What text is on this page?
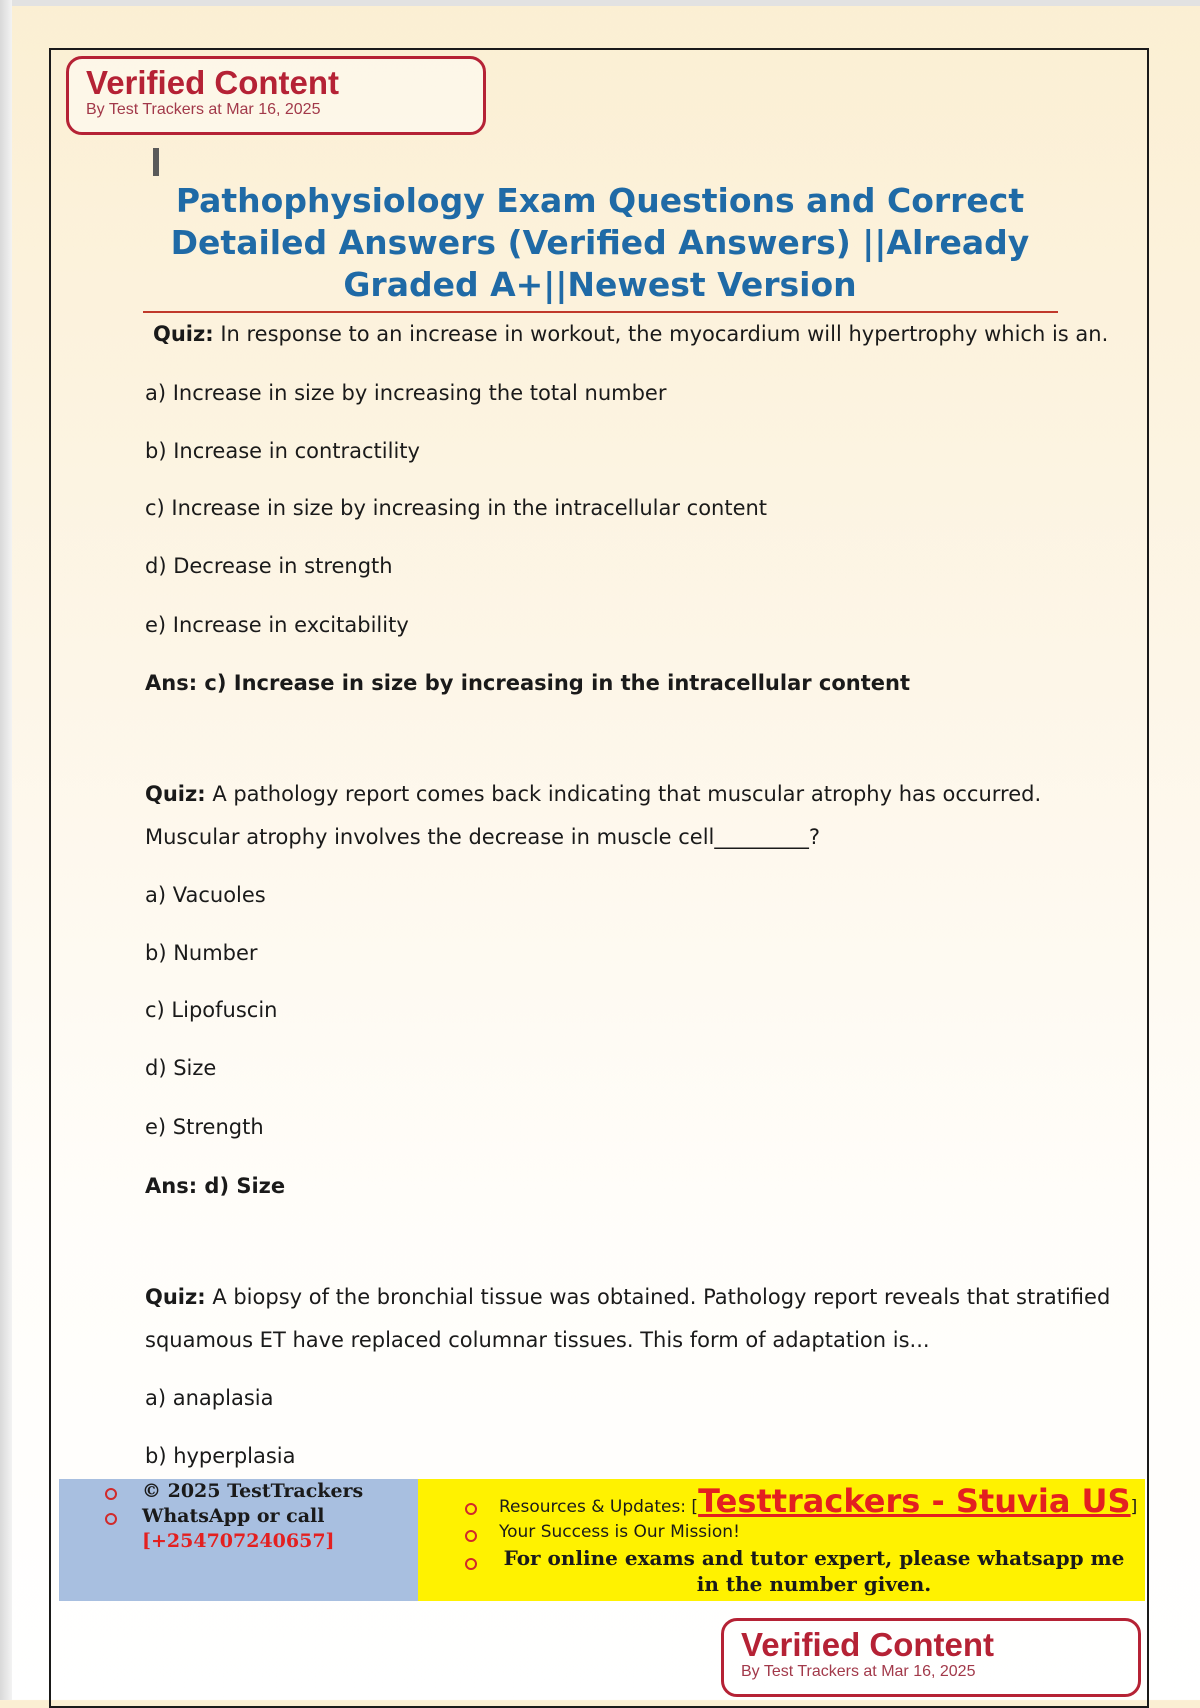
Verified Content
By Test Trackers at Mar 16, 2025
Pathophysiology Exam Questions and Correct
Detailed Answers (Verified Answers) ||Already
Graded A+||Newest Version
Quiz: In response to an increase in workout, the myocardium will hypertrophy which is an.
a) Increase in size by increasing the total number
b) Increase in contractility
c) Increase in size by increasing in the intracellular content
d) Decrease in strength
e) Increase in excitability
Ans: c) Increase in size by increasing in the intracellular content
Quiz: A pathology report comes back indicating that muscular atrophy has occurred.
Muscular atrophy involves the decrease in muscle cell_________?
a) Vacuoles
b) Number
c) Lipofuscin
d) Size
e) Strength
Ans: d) Size
Quiz: A biopsy of the bronchial tissue was obtained. Pathology report reveals that stratified
squamous ET have replaced columnar tissues. This form of adaptation is...
a) anaplasia
b) hyperplasia
© 2025 TestTrackers
WhatsApp or call
[+254707240657]
Resources & Updates: [Testtrackers - Stuvia US]
Your Success is Our Mission!
For online exams and tutor expert, please whatsapp me
in the number given.
Verified Content
By Test Trackers at Mar 16, 2025
